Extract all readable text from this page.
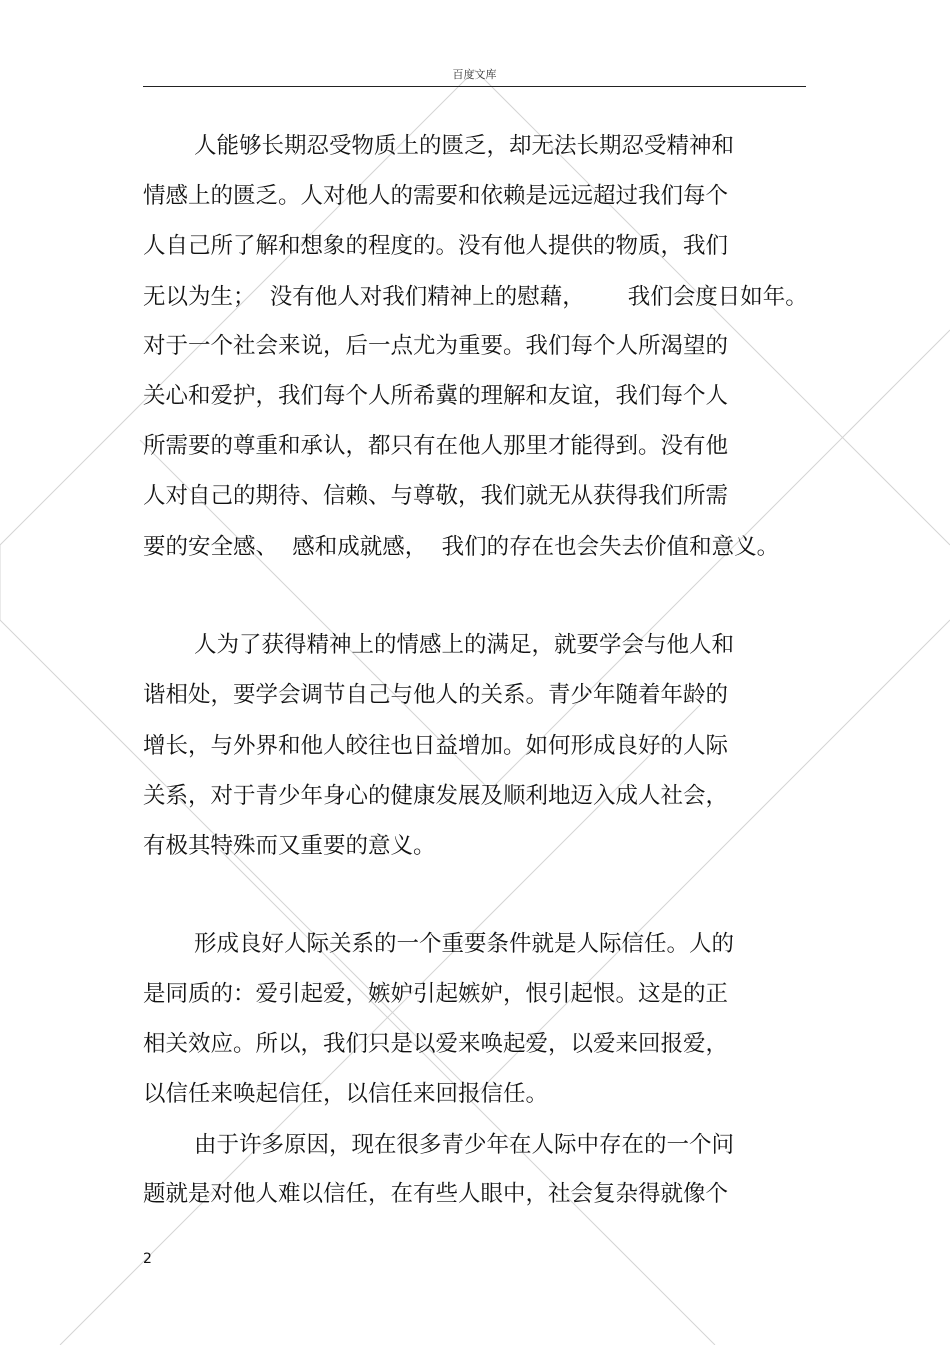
百度文库
人能够长期忍受物质上的匮乏，却无法长期忍受精神和
情感上的匮乏。人对他人的需要和依赖是远远超过我们每个
人自己所了解和想象的程度的。没有他人提供的物质，我们
无以为生；  没有他人对我们精神上的慰藉，      我们会度日如年。
对于一个社会来说，后一点尤为重要。我们每个人所渴望的
关心和爱护，我们每个人所希冀的理解和友谊，我们每个人
所需要的尊重和承认，都只有在他人那里才能得到。没有他
人对自己的期待、信赖、与尊敬，我们就无从获得我们所需
要的安全感、  感和成就感，  我们的存在也会失去价值和意义。
人为了获得精神上的情感上的满足，就要学会与他人和
谐相处，要学会调节自己与他人的关系。青少年随着年龄的
增长，与外界和他人皎往也日益增加。如何形成良好的人际
关系，对于青少年身心的健康发展及顺利地迈入成人社会，
有极其特殊而又重要的意义。
形成良好人际关系的一个重要条件就是人际信任。人的
是同质的：爱引起爱，嫉妒引起嫉妒，恨引起恨。这是的正
相关效应。所以，我们只是以爱来唤起爱，以爱来回报爱，
以信任来唤起信任，以信任来回报信任。
由于许多原因，现在很多青少年在人际中存在的一个问
题就是对他人难以信任，在有些人眼中，社会复杂得就像个
2
